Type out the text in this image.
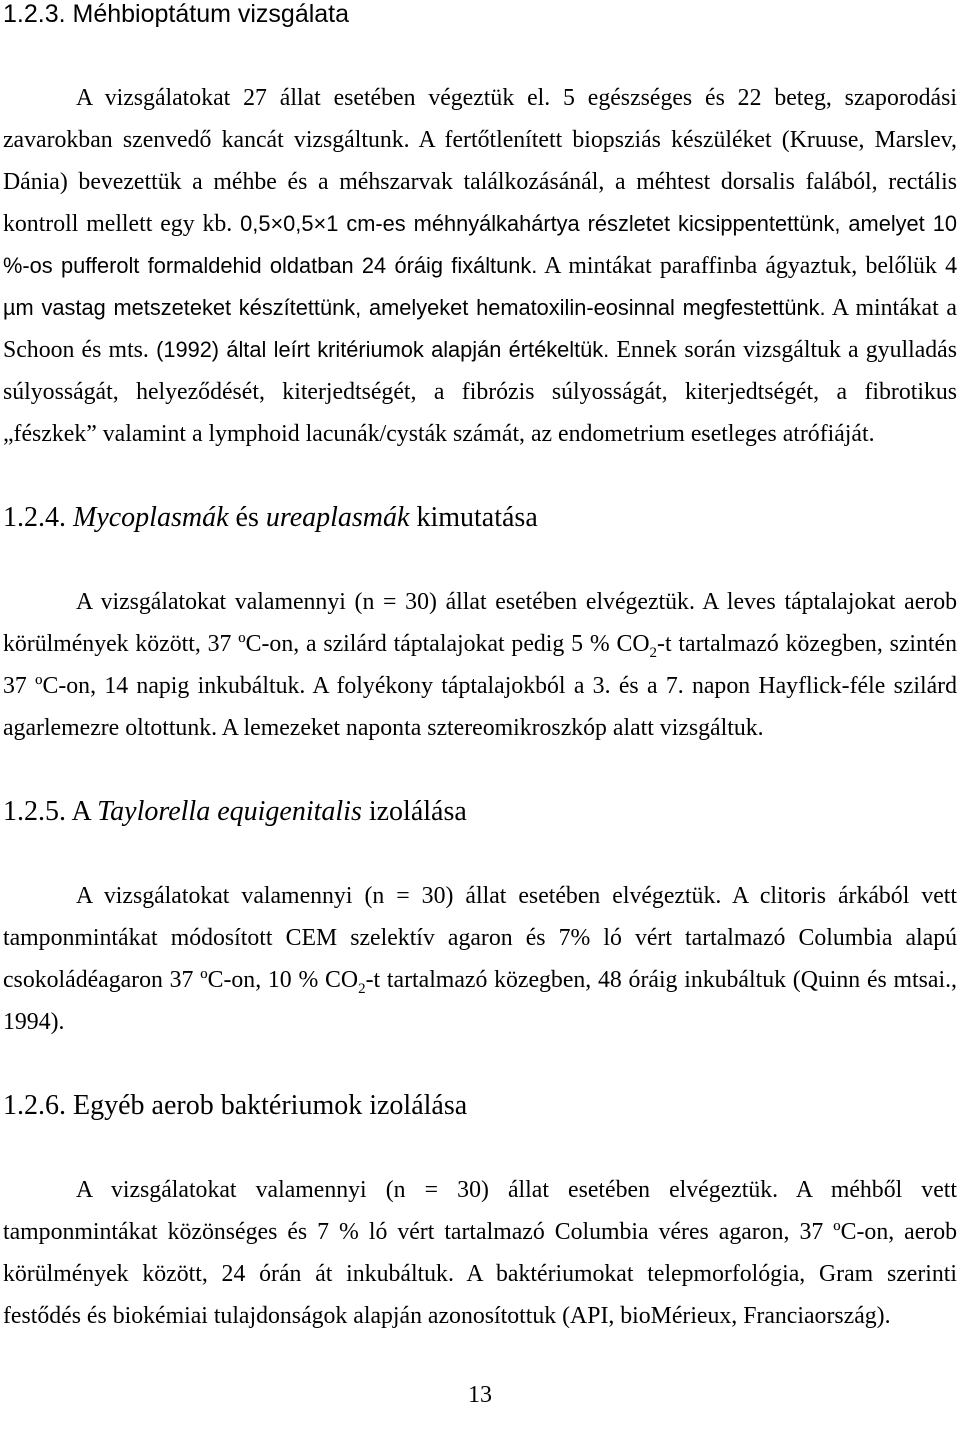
1.2.3. Méhbioptátum vizsgálata
A vizsgálatokat 27 állat esetében végeztük el. 5 egészséges és 22 beteg, szaporodási
zavarokban szenvedő kancát vizsgáltunk. A fertőtlenített biopsziás készüléket (Kruuse, Marslev,
Dánia) bevezettük a méhbe és a méhszarvak találkozásánál, a méhtest dorsalis falából, rectális
kontroll mellett egy kb. 0,5×0,5×1 cm-es méhnyálkahártya részletet kicsippentettünk, amelyet 10
%-os pufferolt formaldehid oldatban 24 óráig fixáltunk. A mintákat paraffinba ágyaztuk, belőlük 4
µm vastag metszeteket készítettünk, amelyeket hematoxilin-eosinnal megfestettünk. A mintákat a
Schoon és mts. (1992) által leírt kritériumok alapján értékeltük. Ennek során vizsgáltuk a gyulladás
súlyosságát, helyeződését, kiterjedtségét, a fibrózis súlyosságát, kiterjedtségét, a fibrotikus
„fészkek” valamint a lymphoid lacunák/cysták számát, az endometrium esetleges atrófiáját.
1.2.4. Mycoplasmák és ureaplasmák kimutatása
A vizsgálatokat valamennyi (n = 30) állat esetében elvégeztük. A leves táptalajokat aerob
körülmények között, 37 ºC-on, a szilárd táptalajokat pedig 5 % $CO_2-t$ tartalmazó közegben, szintén
37 ºC-on, 14 napig inkubáltuk. A folyékony táptalajokból a 3. és a 7. napon Hayflick-féle szilárd
agarlemezre oltottunk. A lemezeket naponta sztereomikroszkóp alatt vizsgáltuk.
1.2.5. A Taylorella equigenitalis izolálása
A vizsgálatokat valamennyi (n = 30) állat esetében elvégeztük. A clitoris árkából vett
tamponmintákat módosított CEM szelektív agaron és 7% ló vért tartalmazó Columbia alapú
csokoládéagaron 37 ºC-on, 10 % $CO_2-t$ tartalmazó közegben, 48 óráig inkubáltuk (Quinn és mtsai.,
1994).
1.2.6. Egyéb aerob baktériumok izolálása
A vizsgálatokat valamennyi (n = 30) állat esetében elvégeztük. A méhből vett
tamponmintákat közönséges és 7 % ló vért tartalmazó Columbia véres agaron, 37 ºC-on, aerob
körülmények között, 24 órán át inkubáltuk. A baktériumokat telepmorfológia, Gram szerinti
festődés és biokémiai tulajdonságok alapján azonosítottuk (API, bioMérieux, Franciaország).
13
